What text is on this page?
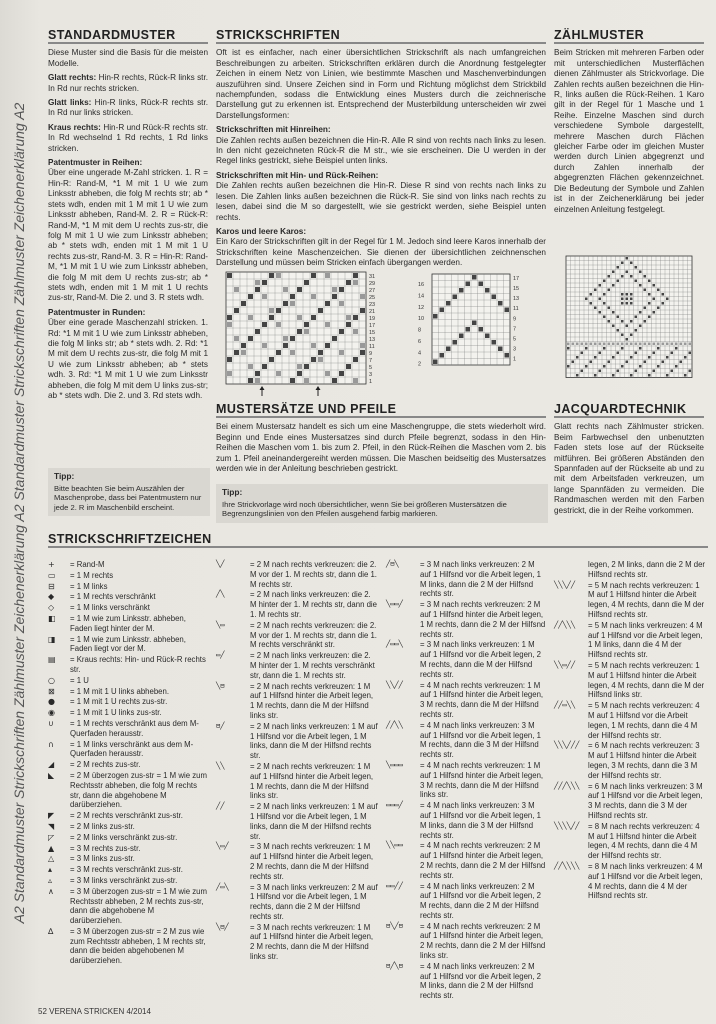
A2 Standardmuster Strickschriften Zählmuster Zeichenerklärung A2 Standardmuster Strickschriften Zählmuster Zeichenerklärung A2
STANDARDMUSTER

Diese Muster sind die Basis für die meisten Modelle.

Glatt rechts: Hin-R rechts, Rück-R links str. In Rd nur rechts stricken.

Glatt links: Hin-R links, Rück-R rechts str. In Rd nur links stricken.

Kraus rechts: Hin-R und Rück-R rechts str. In Rd wechselnd 1 Rd rechts, 1 Rd links stricken.

Patentmuster in Reihen:
Über eine ungerade M-Zahl stricken. 1. R = Hin-R: Rand-M, *1 M mit 1 U wie zum Linksstr abheben, die folg M rechts str; ab * stets wdh, enden mit 1 M mit 1 U wie zum Linksstr abheben, Rand-M. 2. R = Rück-R: Rand-M, *1 M mit dem U rechts zus-str, die folg M mit 1 U wie zum Linksstr abheben; ab * stets wdh, enden mit 1 M mit 1 U rechts zus-str, Rand-M. 3. R = Hin-R: Rand-M, *1 M mit 1 U wie zum Linksstr abheben, die folg M mit dem U rechts zus-str; ab * stets wdh, enden mit 1 M mit 1 U rechts zus-str, Rand-M. Die 2. und 3. R stets wdh.

Patentmuster in Runden:
Über eine gerade Maschenzahl stricken. 1. Rd: *1 M mit 1 U wie zum Linksstr abheben, die folg M links str; ab * stets wdh. 2. Rd: *1 M mit dem U rechts zus-str, die folg M mit 1 U wie zum Linksstr abheben; ab * stets wdh. 3. Rd: *1 M mit 1 U wie zum Linksstr abheben, die folg M mit dem U links zus-str; ab * stets wdh. Die 2. und 3. Rd stets wdh.

Tipp:
Bitte beachten Sie beim Auszählen der Maschenprobe, dass bei Patentmustern nur jede 2. R im Maschenbild erscheint.
STRICKSCHRIFTEN

Oft ist es einfacher, nach einer übersichtlichen Strickschrift als nach umfangreichen Beschreibungen zu arbeiten. Strickschriften erklären durch die Anordnung festgelegter Zeichen in einem Netz von Linien, wie bestimmte Maschen und Maschenverbindungen auszuführen sind. Unsere Zeichen sind in Form und Richtung möglichst dem Strickbild nachempfunden, sodass die Entwicklung eines Musters durch die zeichnerische Darstellung gut zu erkennen ist. Entsprechend der Musterbildung unterscheiden wir zwei Darstellungsformen:

Strickschriften mit Hinreihen:
Die Zahlen rechts außen bezeichnen die Hin-R. Alle R sind von rechts nach links zu lesen. In den nicht gezeichneten Rück-R die M str., wie sie erscheinen. Die U werden in der Regel links gestrickt, siehe Beispiel unten links.

Strickschriften mit Hin- und Rück-Reihen:
Die Zahlen rechts außen bezeichnen die Hin-R. Diese R sind von rechts nach links zu lesen. Die Zahlen links außen bezeichnen die Rück-R. Sie sind von links nach rechts zu lesen, dabei sind die M so dargestellt, wie sie gestrickt werden, siehe Beispiel unten rechts.

Karos und leere Karos:
Ein Karo der Strickschriften gilt in der Regel für 1 M. Jedoch sind leere Karos innerhalb der Strickschriften keine Maschenzeichen. Sie dienen der übersichtlichen zeichnenschen Darstellung und müssen beim Stricken einfach übergangen werden.

31
29
27
25
23
21
19
17
15
13
11
9
7
5
3
1
17
15
13
11
9
7
5
3
1
16
14
12
10
8
6
4
2
ZÄHLMUSTER

Beim Stricken mit mehreren Farben oder mit unterschiedlichen Musterflächen dienen Zählmuster als Strickvorlage. Die Zahlen rechts außen bezeichnen die Hin-R, links außen die Rück-Reihen. 1 Karo gilt in der Regel für 1 Masche und 1 Reihe. Einzelne Maschen sind durch verschiedene Symbole dargestellt, mehrere Maschen durch Flächen gleicher Farbe oder im gleichen Muster werden durch Linien abgegrenzt und durch Zahlen innerhalb der abgegrenzten Flächen gekennzeichnet. Die Bedeutung der Symbole und Zahlen ist in der Zeichenerklärung bei jeder einzelnen Anleitung festgelegt.

MUSTERSÄTZE UND PFEILE

Bei einem Mustersatz handelt es sich um eine Maschengruppe, die stets wiederholt wird. Beginn und Ende eines Mustersatzes sind durch Pfeile begrenzt, sodass in den Hin-Reihen die Maschen vom 1. bis zum 2. Pfeil, in den Rück-Reihen die Maschen vom 2. bis zum 1. Pfeil aneinandergereiht werden müssen. Die Maschen beidseitig des Mustersatzes werden wie in der Anleitung beschrieben gestrickt.

Tipp:
Ihre Strickvorlage wird noch übersichtlicher, wenn Sie bei größeren Mustersätzen die Begrenzungslinien von den Pfeilen ausgehend farbig markieren.
JACQUARDTECHNIK

Glatt rechts nach Zählmuster stricken. Beim Farbwechsel den unbenutzten Faden stets lose auf der Rückseite mitführen. Bei größeren Abständen den Spannfaden auf der Rückseite ab und zu mit dem Arbeitsfaden verkreuzen, um lange Spannfäden zu vermeiden. Die Randmaschen werden mit den Farben gestrickt, die in der Reihe vorkommen.

STRICKSCHRIFTZEICHEN
+	= Rand-M
▭	= 1 M rechts
⊟	= 1 M links
◆	= 1 M rechts verschränkt
◇	= 1 M links verschränkt
◧	= 1 M wie zum Linksstr. abheben, Faden liegt hinter der M.
◨	= 1 M wie zum Linksstr. abheben, Faden liegt vor der M.
▤	= Kraus rechts: Hin- und Rück-R rechts str.
○	= 1 U
⊠	= 1 M mit 1 U links abheben.
●	= 1 M mit 1 U rechts zus-str.
◉	= 1 M mit 1 U links zus-str.
∪	= 1 M rechts verschränkt aus dem M-Querfaden herausstr.
∩	= 1 M links verschränkt aus dem M-Querfaden herausstr.
◢	= 2 M rechts zus-str.
◣	= 2 M überzogen zus-str = 1 M wie zum Rechtsstr abheben, die folg M rechts str, dann die abgehobene M darüberziehen.
◤	= 2 M rechts verschränkt zus-str.
◥	= 2 M links zus-str.
◸	= 2 M links verschränkt zus-str.
▲	= 3 M rechts zus-str.
△	= 3 M links zus-str.
▴	= 3 M rechts verschränkt zus-str.
▵	= 3 M links verschränkt zus-str.
∧	= 3 M überzogen zus-str = 1 M wie zum Rechtsstr abheben, 2 M rechts zus-str, dann die abgehobene M darüberziehen.
∆	= 3 M überzogen zus-str = 2 M zus wie zum Rechtsstr abheben, 1 M rechts str, dann die beiden abgehobenen M darüberziehen.
╲╱	= 2 M nach rechts verkreuzen: die 2. M vor der 1. M rechts str, dann die 1. M rechts str.
╱╲	= 2 M nach links verkreuzen: die 2. M hinter der 1. M rechts str, dann die 1. M rechts str.
╲▭	= 2 M nach rechts verkreuzen: die 2. M vor der 1. M rechts str, dann die 1. M rechts verschränkt str.
▭╱	= 2 M nach links verkreuzen: die 2. M hinter der 1. M rechts verschränkt str, dann die 1. M rechts str.
╲⊟	= 2 M nach rechts verkreuzen: 1 M auf 1 Hilfsnd hinter die Arbeit legen, 1 M rechts, dann die M der Hilfsnd links str.
⊟╱	= 2 M nach links verkreuzen: 1 M auf 1 Hilfsnd vor die Arbeit legen, 1 M links, dann die M der Hilfsnd rechts str.
╲╲	= 2 M nach rechts verkreuzen: 1 M auf 1 Hilfsnd hinter die Arbeit legen, 1 M rechts, dann die M der Hilfsnd links str.
╱╱	= 2 M nach links verkreuzen: 1 M auf 1 Hilfsnd vor die Arbeit legen, 1 M links, dann die M der Hilfsnd rechts str.
╲▭╱	= 3 M nach rechts verkreuzen: 1 M auf 1 Hilfsnd hinter die Arbeit legen, 2 M rechts, dann die M der Hilfsnd rechts str.
╱▭╲	= 3 M nach links verkreuzen: 2 M auf 1 Hilfsnd vor die Arbeit legen, 1 M rechts, dann die 2 M der Hilfsnd rechts str.
╲⊟╱	= 3 M nach rechts verkreuzen: 1 M auf 1 Hilfsnd hinter die Arbeit legen, 2 M rechts, dann die M der Hilfsnd links str.
╱⊟╲	= 3 M nach links verkreuzen: 2 M auf 1 Hilfsnd vor die Arbeit legen, 1 M links, dann die 2 M der Hilfsnd rechts str.
╲▭▭╱	= 3 M nach rechts verkreuzen: 2 M auf 1 Hilfsnd hinter die Arbeit legen, 1 M rechts, dann die 2 M der Hilfsnd rechts str.
╱▭▭╲	= 3 M nach links verkreuzen: 1 M auf 1 Hilfsnd vor die Arbeit legen, 2 M rechts, dann die M der Hilfsnd rechts str.
╲╲╱╱	= 4 M nach rechts verkreuzen: 1 M auf 1 Hilfsnd hinter die Arbeit legen, 3 M rechts, dann die M der Hilfsnd rechts str.
╱╱╲╲	= 4 M nach links verkreuzen: 3 M auf 1 Hilfsnd vor die Arbeit legen, 1 M rechts, dann die 3 M der Hilfsnd rechts str.
╲▭▭▭	= 4 M nach rechts verkreuzen: 1 M auf 1 Hilfsnd hinter die Arbeit legen, 3 M rechts, dann die M der Hilfsnd links str.
▭▭▭╱	= 4 M nach links verkreuzen: 3 M auf 1 Hilfsnd vor die Arbeit legen, 1 M links, dann die 3 M der Hilfsnd rechts str.
╲╲▭▭	= 4 M nach rechts verkreuzen: 2 M auf 1 Hilfsnd hinter die Arbeit legen, 2 M rechts, dann die 2 M der Hilfsnd rechts str.
▭▭╱╱	= 4 M nach links verkreuzen: 2 M auf 1 Hilfsnd vor die Arbeit legen, 2 M rechts, dann die 2 M der Hilfsnd rechts str.
⊟╲╱⊟	= 4 M nach rechts verkreuzen: 2 M auf 1 Hilfsnd hinter die Arbeit legen, 2 M rechts, dann die 2 M der Hilfsnd links str.
⊟╱╲⊟	= 4 M nach links verkreuzen: 2 M auf 1 Hilfsnd vor die Arbeit legen, 2 M links, dann die 2 M der Hilfsnd rechts str.
legen, 2 M links, dann die 2 M der Hilfsnd rechts str.
╲╲╲╱╱	= 5 M nach rechts verkreuzen: 1 M auf 1 Hilfsnd hinter die Arbeit legen, 4 M rechts, dann die M der Hilfsnd rechts str.
╱╱╲╲╲	= 5 M nach links verkreuzen: 4 M auf 1 Hilfsnd vor die Arbeit legen, 1 M links, dann die 4 M der Hilfsnd rechts str.
╲╲▭╱╱	= 5 M nach rechts verkreuzen: 1 M auf 1 Hilfsnd hinter die Arbeit legen, 4 M rechts, dann die M der Hilfsnd links str.
╱╱▭╲╲	= 5 M nach rechts verkreuzen: 4 M auf 1 Hilfsnd vor die Arbeit legen, 1 M rechts, dann die 4 M der Hilfsnd rechts str.
╲╲╲╱╱╱	= 6 M nach rechts verkreuzen: 3 M auf 1 Hilfsnd hinter die Arbeit legen, 3 M rechts, dann die 3 M der Hilfsnd rechts str.
╱╱╱╲╲╲	= 6 M nach links verkreuzen: 3 M auf 1 Hilfsnd vor die Arbeit legen, 3 M rechts, dann die 3 M der Hilfsnd rechts str.
╲╲╲╲╱╱	= 8 M nach rechts verkreuzen: 4 M auf 1 Hilfsnd hinter die Arbeit legen, 4 M rechts, dann die 4 M der Hilfsnd rechts str.
╱╱╲╲╲╲	= 8 M nach links verkreuzen: 4 M auf 1 Hilfsnd vor die Arbeit legen, 4 M rechts, dann die 4 M der Hilfsnd rechts str.
52 VERENA STRICKEN 4/2014
